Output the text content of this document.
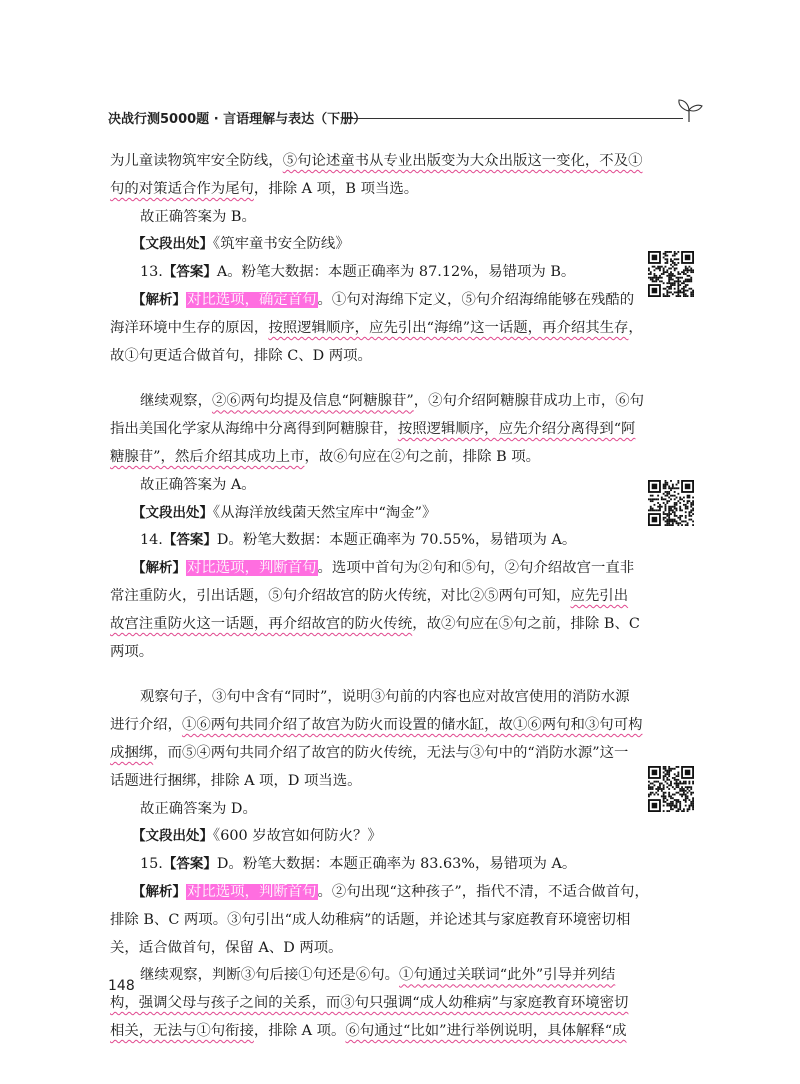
决战行测5000题 · 言语理解与表达（下册）
为儿童读物筑牢安全防线，⑤句论述童书从专业出版变为大众出版这一变化，不及①
句的对策适合作为尾句，排除 A 项，B 项当选。
故正确答案为 B。
【文段出处】《筑牢童书安全防线》
13.【答案】A。粉笔大数据：本题正确率为 87.12%，易错项为 B。
【解析】对比选项，确定首句。①句对海绵下定义，⑤句介绍海绵能够在残酷的
海洋环境中生存的原因，按照逻辑顺序，应先引出“海绵”这一话题，再介绍其生存，
故①句更适合做首句，排除 C、D 两项。
继续观察，②⑥两句均提及信息“阿糖腺苷”，②句介绍阿糖腺苷成功上市，⑥句
指出美国化学家从海绵中分离得到阿糖腺苷，按照逻辑顺序，应先介绍分离得到“阿
糖腺苷”，然后介绍其成功上市，故⑥句应在②句之前，排除 B 项。
故正确答案为 A。
【文段出处】《从海洋放线菌天然宝库中“淘金”》
14.【答案】D。粉笔大数据：本题正确率为 70.55%，易错项为 A。
【解析】对比选项，判断首句。选项中首句为②句和⑤句，②句介绍故宫一直非
常注重防火，引出话题，⑤句介绍故宫的防火传统，对比②⑤两句可知，应先引出
故宫注重防火这一话题，再介绍故宫的防火传统，故②句应在⑤句之前，排除 B、C
两项。
观察句子，③句中含有“同时”，说明③句前的内容也应对故宫使用的消防水源
进行介绍，①⑥两句共同介绍了故宫为防火而设置的储水缸，故①⑥两句和③句可构
成捆绑，而⑤④两句共同介绍了故宫的防火传统，无法与③句中的“消防水源”这一
话题进行捆绑，排除 A 项，D 项当选。
故正确答案为 D。
【文段出处】《600 岁故宫如何防火？》
15.【答案】D。粉笔大数据：本题正确率为 83.63%，易错项为 A。
【解析】对比选项，判断首句。②句出现“这种孩子”，指代不清，不适合做首句，
排除 B、C 两项。③句引出“成人幼稚病”的话题，并论述其与家庭教育环境密切相
关，适合做首句，保留 A、D 两项。
继续观察，判断③句后接①句还是⑥句。①句通过关联词“此外”引导并列结
构，强调父母与孩子之间的关系，而③句只强调“成人幼稚病”与家庭教育环境密切
相关，无法与①句衔接，排除 A 项。⑥句通过“比如”进行举例说明，具体解释“成
148
